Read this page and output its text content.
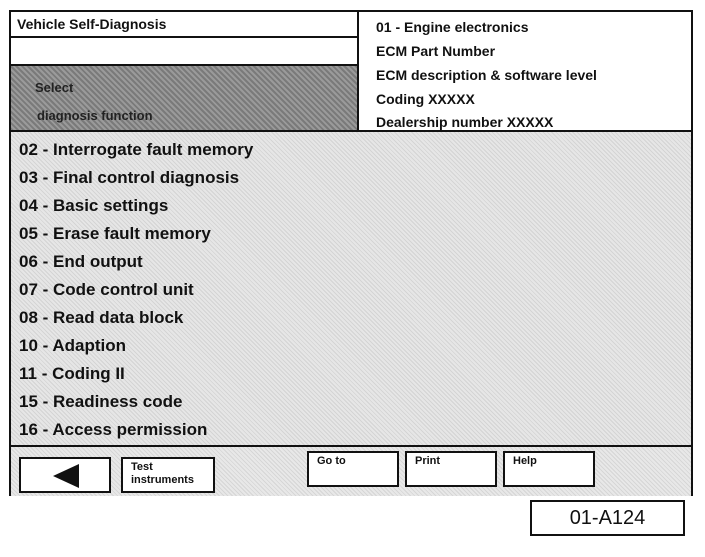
Vehicle Self-Diagnosis
Select
diagnosis function
01 - Engine electronics
ECM Part Number
ECM description & software level
Coding XXXXX
Dealership number XXXXX
02 - Interrogate fault memory
03 - Final control diagnosis
04 - Basic settings
05 - Erase fault memory
06 - End output
07 - Code control unit
08 - Read data block
10 - Adaption
11 - Coding II
15 - Readiness code
16 - Access permission
Test
instruments
Go to	Print	Help
01-A124
